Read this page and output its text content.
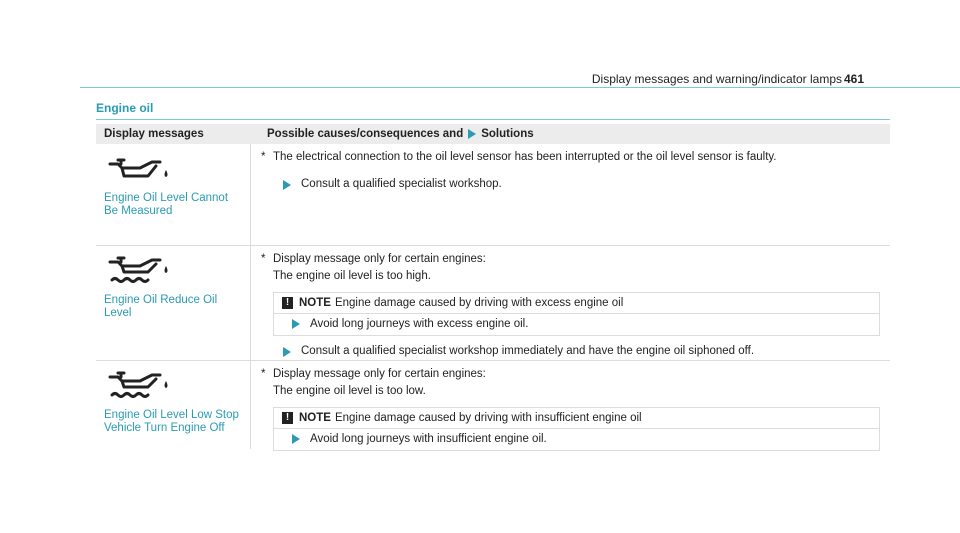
Display messages and warning/indicator lamps 461
Engine oil
Display messages	Possible causes/consequences and Solutions
Engine Oil Level Cannot Be Measured

* The electrical connection to the oil level sensor has been interrupted or the oil level sensor is faulty.

Consult a qualified specialist workshop.
Engine Oil Reduce Oil Level

* Display message only for certain engines:

The engine oil level is too high.

! NOTE Engine damage caused by driving with excess engine oil
Avoid long journeys with excess engine oil.
Consult a qualified specialist workshop immediately and have the engine oil siphoned off.
Engine Oil Level Low Stop Vehicle Turn Engine Off

* Display message only for certain engines:

The engine oil level is too low.

! NOTE Engine damage caused by driving with insufficient engine oil
Avoid long journeys with insufficient engine oil.
